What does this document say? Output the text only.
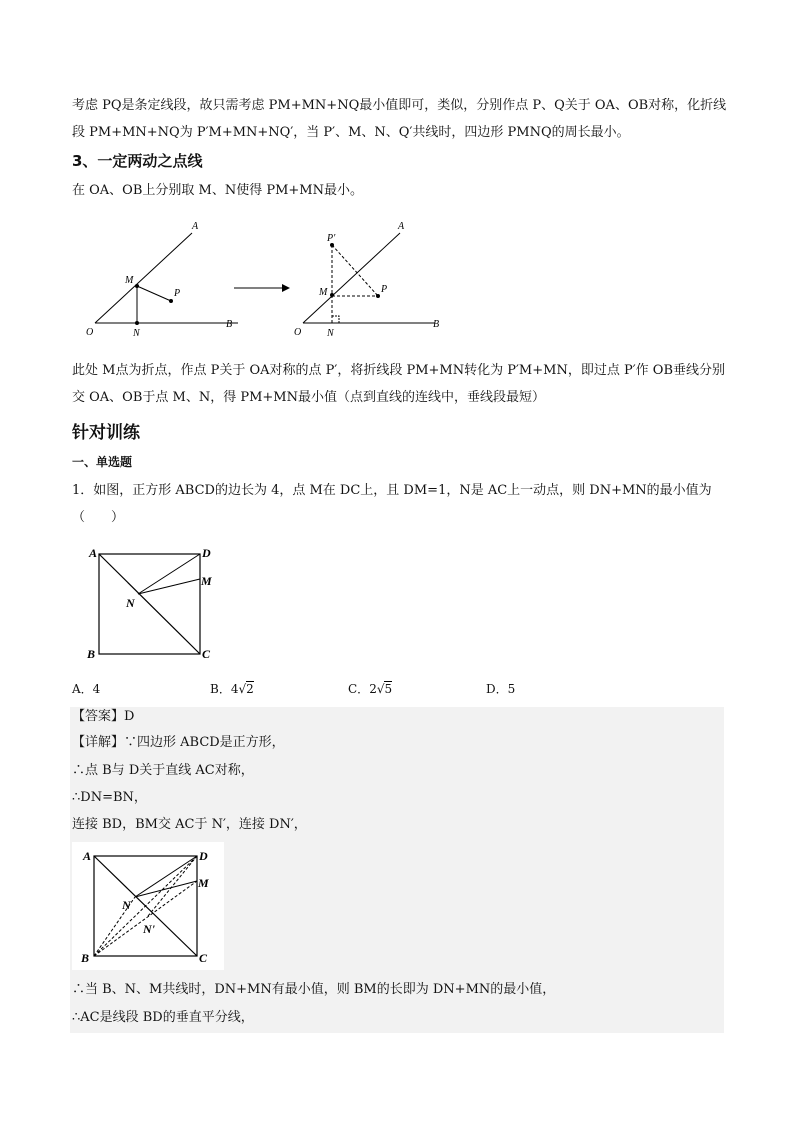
考虑 PQ是条定线段，故只需考虑 PM+MN+NQ最小值即可，类似，分别作点 P、Q关于 OA、OB对称，化折线
段 PM+MN+NQ为 P′M+MN+NQ′，当 P′、M、N、Q′共线时，四边形 PMNQ的周长最小。
3、一定两动之点线
在 OA、OB上分别取 M、N使得 PM+MN最小。
A
M
P
O	N
B
P′
A
M	P
O	N
B
此处 M点为折点，作点 P关于 OA对称的点 P′，将折线段 PM+MN转化为 P′M+MN，即过点 P′作 OB垂线分别
交 OA、OB于点 M、N，得 PM+MN最小值（点到直线的连线中，垂线段最短）
针对训练
一、单选题
1．如图，正方形 ABCD的边长为 4，点 M在 DC上，且 DM=1，N是 AC上一动点，则 DN+MN的最小值为
（　　）
A	D
M
N
B	C
A．4	B．4√2	C．2√5	D．5
【答案】D
【详解】∵四边形 ABCD是正方形，
∴点 B与 D关于直线 AC对称，
∴DN=BN，
连接 BD，BM交 AC于 N′，连接 DN′，
A	D
M
N
N'
B	C
∴当 B、N、M共线时，DN+MN有最小值，则 BM的长即为 DN+MN的最小值，
∴AC是线段 BD的垂直平分线，
